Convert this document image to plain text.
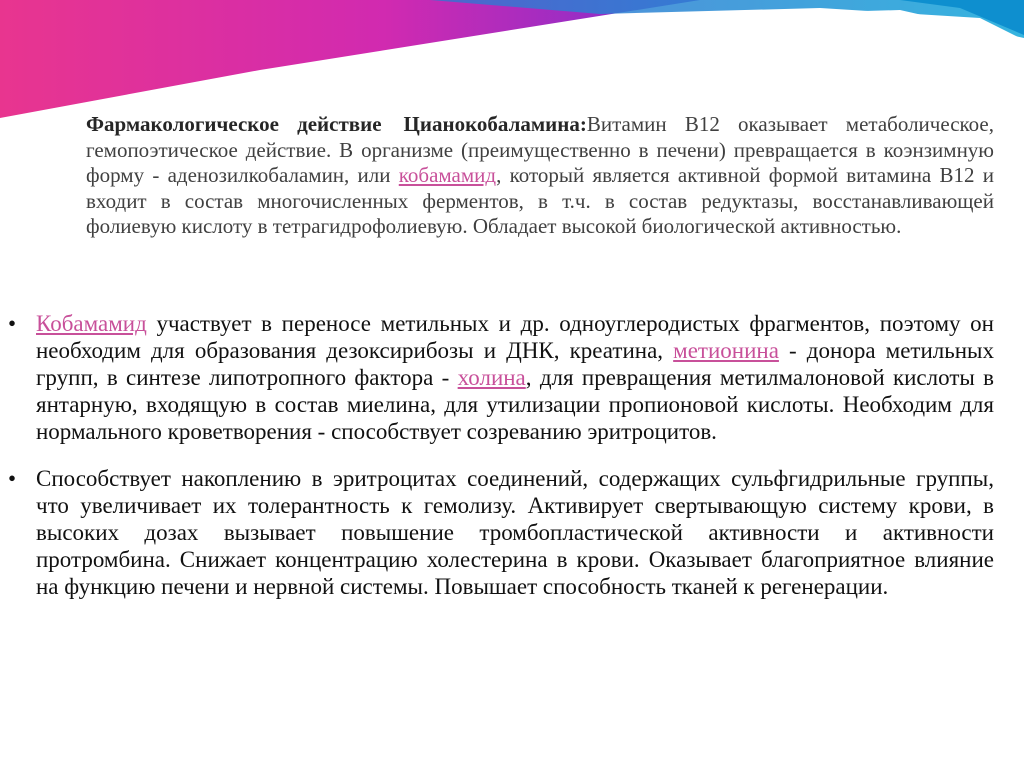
Фармакологическое действие Цианокобаламина:Витамин В12 оказывает метаболическое, гемопоэтическое действие. В организме (преимущественно в печени) превращается в коэнзимную форму - аденозилкобаламин, или кобамамид, который является активной формой витамина В12 и входит в состав многочисленных ферментов, в т.ч. в состав редуктазы, восстанавливающей фолиевую кислоту в тетрагидрофолиевую. Обладает высокой биологической активностью.
• Кобамамид участвует в переносе метильных и др. одноуглеродистых фрагментов, поэтому он необходим для образования дезоксирибозы и ДНК, креатина, метионина - донора метильных групп, в синтезе липотропного фактора - холина, для превращения метилмалоновой кислоты в янтарную, входящую в состав миелина, для утилизации пропионовой кислоты. Необходим для нормального кроветворения - способствует созреванию эритроцитов.
• Способствует накоплению в эритроцитах соединений, содержащих сульфгидрильные группы, что увеличивает их толерантность к гемолизу. Активирует свертывающую систему крови, в высоких дозах вызывает повышение тромбопластической активности и активности протромбина. Снижает концентрацию холестерина в крови. Оказывает благоприятное влияние на функцию печени и нервной системы. Повышает способность тканей к регенерации.
